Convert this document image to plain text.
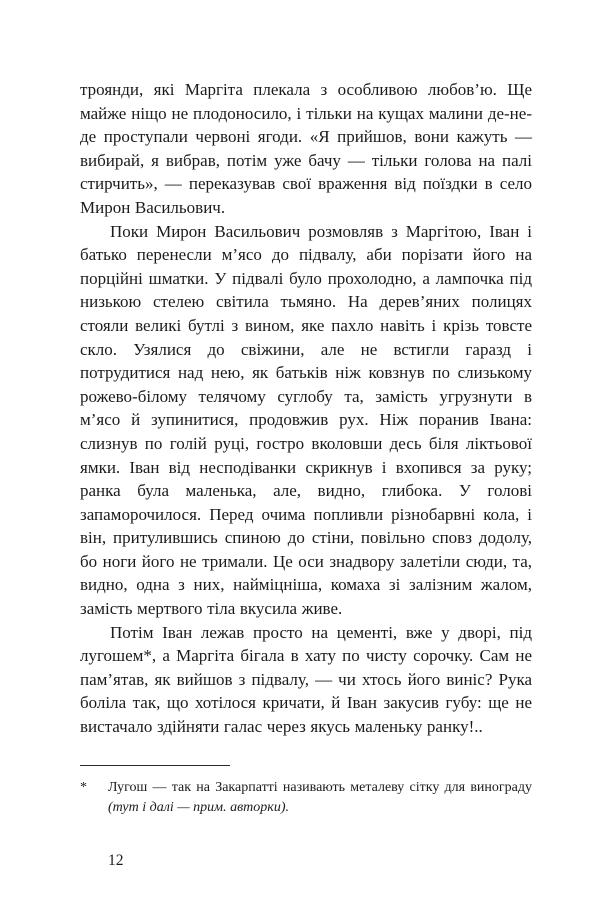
троянди, які Маргіта плекала з особливою любов’ю. Ще майже ніщо не плодоносило, і тільки на кущах малини де-не-де проступали червоні ягоди. «Я прийшов, вони кажуть — вибирай, я вибрав, потім уже бачу — тільки голова на палі стирчить», — переказував свої враження від поїздки в село Мирон Васильович.

Поки Мирон Васильович розмовляв з Маргітою, Іван і батько перенесли м’ясо до підвалу, аби порізати його на порційні шматки. У підвалі було прохолодно, а лампочка під низькою стелею світила тьмяно. На дерев’яних полицях стояли великі бутлі з вином, яке пахло навіть і крізь товсте скло. Узялися до свіжини, але не встигли гаразд і потрудитися над нею, як батьків ніж ковзнув по слизькому рожево-білому телячому суглобу та, замість угрузнути в м’ясо й зупинитися, продовжив рух. Ніж поранив Івана: слизнув по голій руці, гостро вколовши десь біля ліктьової ямки. Іван від несподіванки скрикнув і вхопився за руку; ранка була маленька, але, видно, глибока. У голові запаморочилося. Перед очима попливли різнобарвні кола, і він, притулившись спиною до стіни, повільно сповз додолу, бо ноги його не тримали. Це оси знадвору залетіли сюди, та, видно, одна з них, найміцніша, комаха зі залізним жалом, замість мертвого тіла вкусила живе.

Потім Іван лежав просто на цементі, вже у дворі, під лугошем*, а Маргіта бігала в хату по чисту сорочку. Сам не пам’ятав, як вийшов з підвалу, — чи хтось його виніс? Рука боліла так, що хотілося кричати, й Іван закусив губу: ще не вистачало здійняти галас через якусь маленьку ранку!..

* Лугош — так на Закарпатті називають металеву сітку для винограду (тут і далі — прим. авторки).
12
